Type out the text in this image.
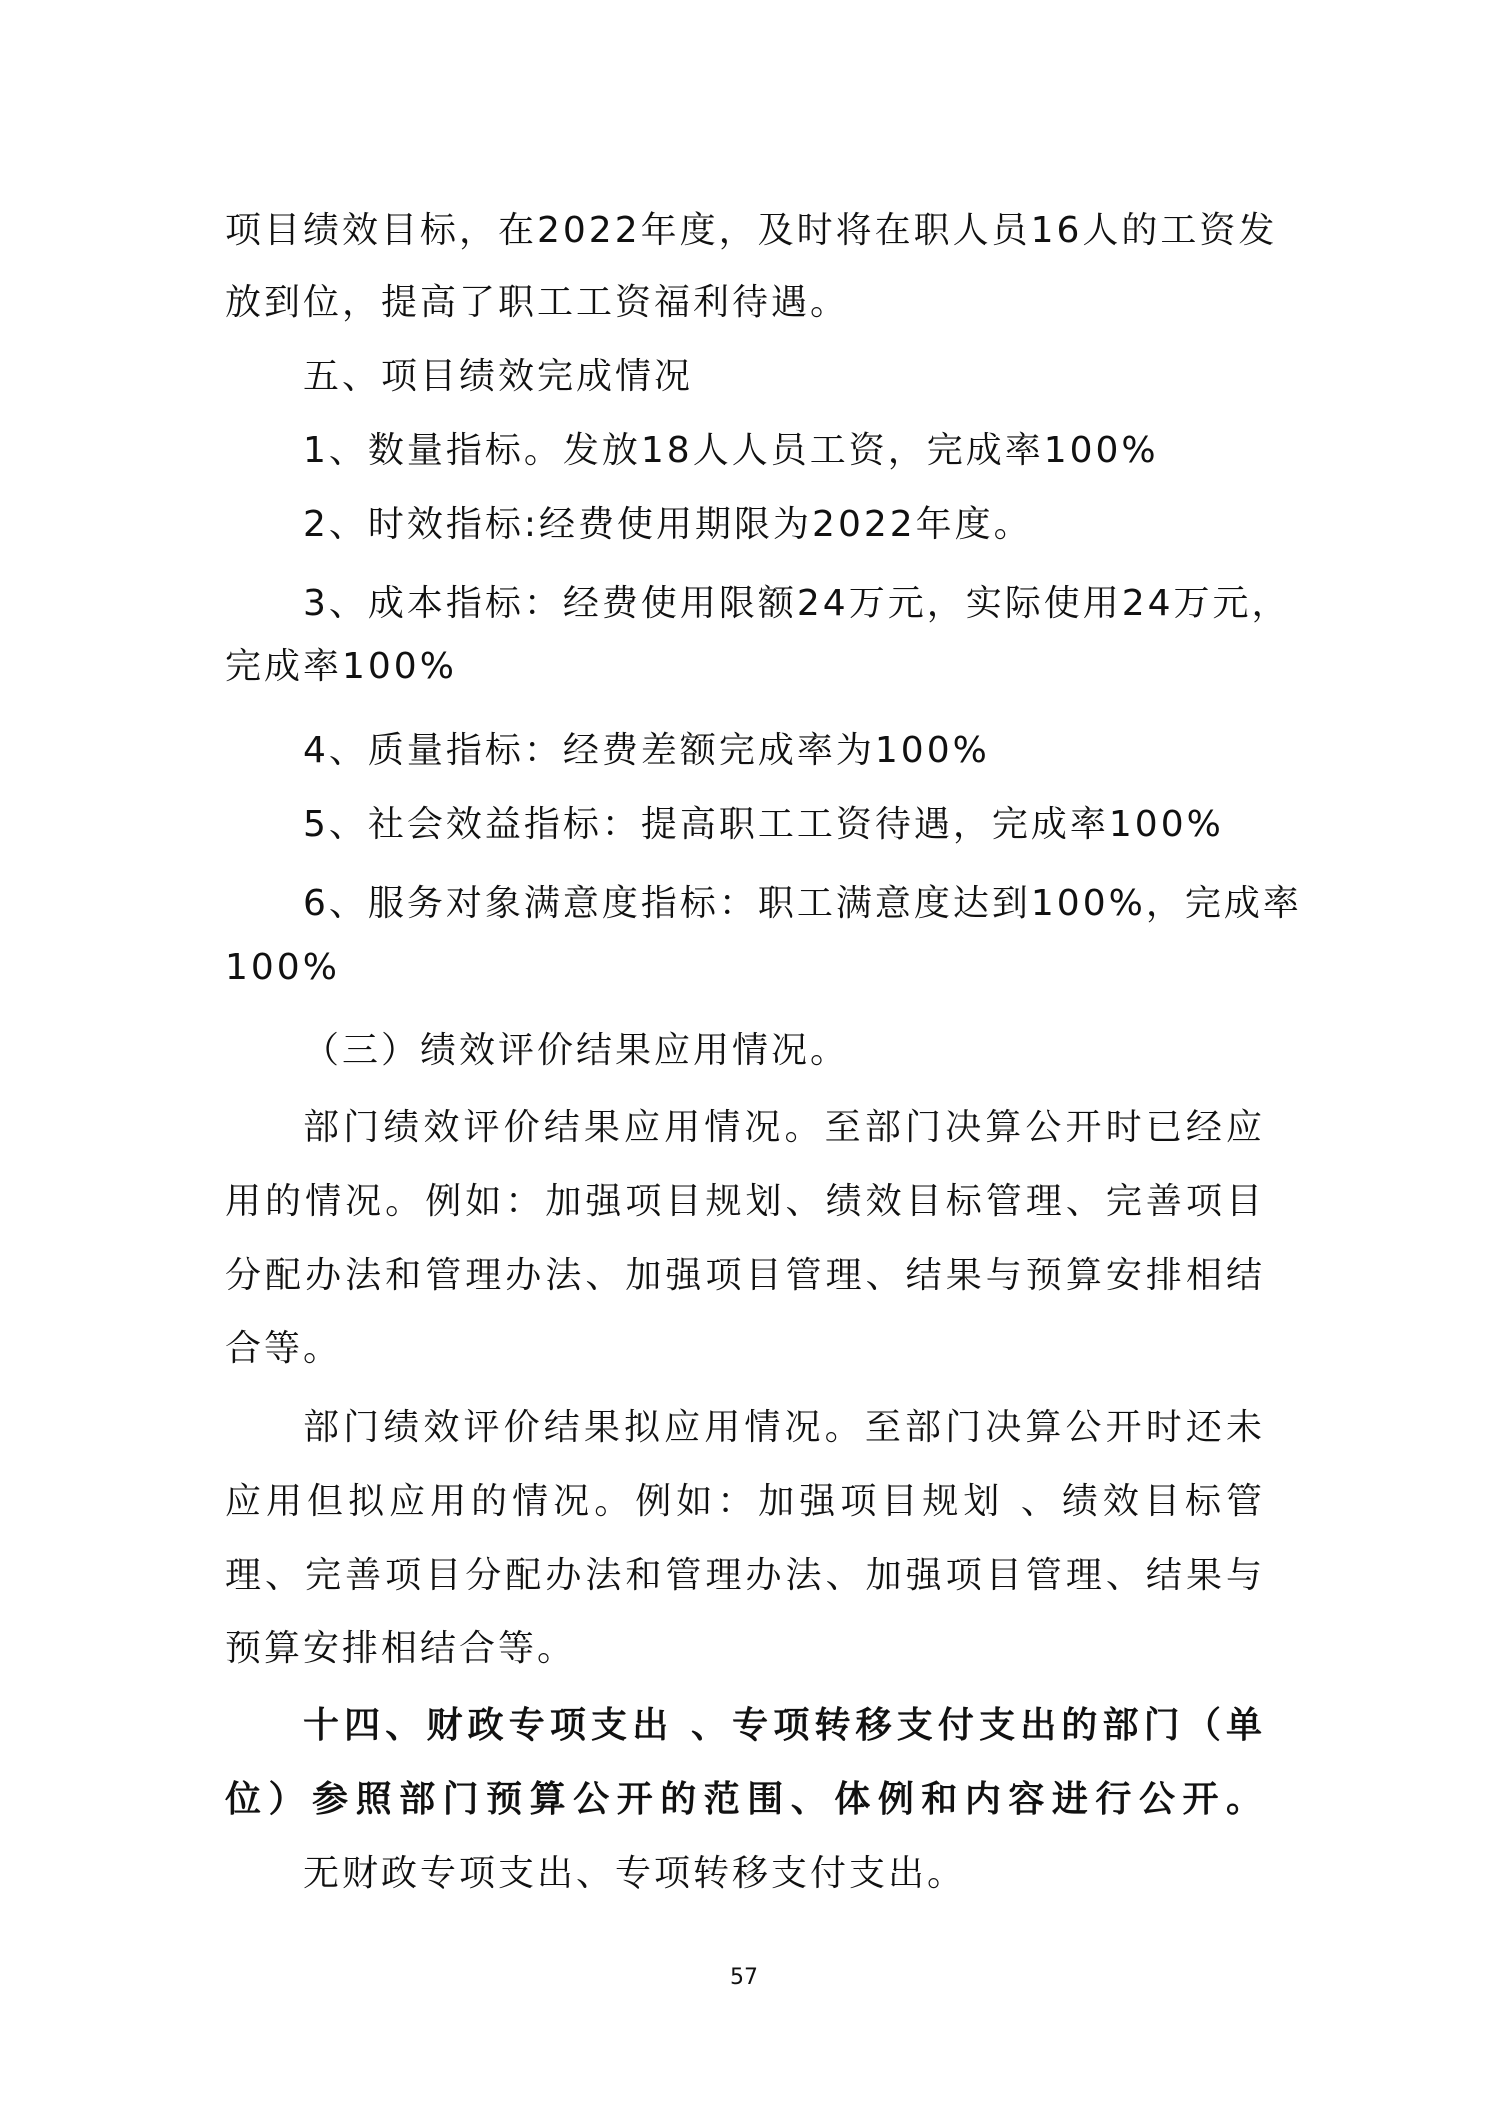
项目绩效目标，在2022年度，及时将在职人员16人的工资发
放到位，提高了职工工资福利待遇。
五、项目绩效完成情况
1、数量指标。发放18人人员工资，完成率100%
2、时效指标:经费使用期限为2022年度。
3、成本指标：经费使用限额24万元，实际使用24万元，
完成率100%
4、质量指标：经费差额完成率为100%
5、社会效益指标：提高职工工资待遇，完成率100%
6、服务对象满意度指标：职工满意度达到100%，完成率
100%
（三）绩效评价结果应用情况。
部门绩效评价结果应用情况。至部门决算公开时已经应
用的情况。例如：加强项目规划、绩效目标管理、完善项目
分配办法和管理办法、加强项目管理、结果与预算安排相结
合等。
部门绩效评价结果拟应用情况。至部门决算公开时还未
应用但拟应用的情况。例如：加强项目规划 、绩效目标管
理、完善项目分配办法和管理办法、加强项目管理、结果与
预算安排相结合等。
十四、财政专项支出 、专项转移支付支出的部门（单
位）参照部门预算公开的范围、体例和内容进行公开。
无财政专项支出、专项转移支付支出。
57
